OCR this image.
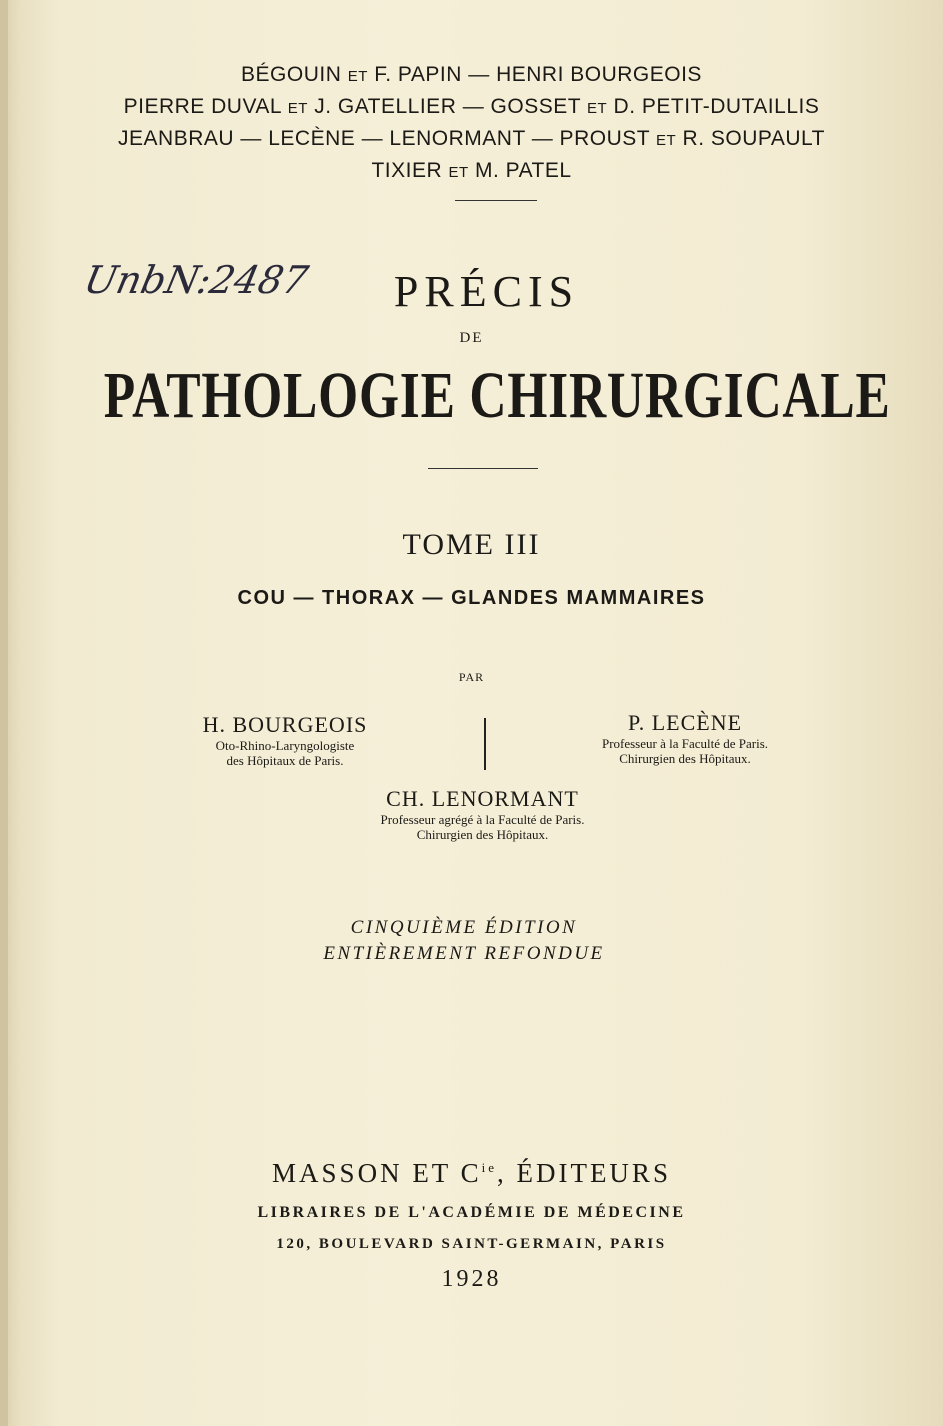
BÉGOUIN ET F. PAPIN — HENRI BOURGEOIS
PIERRE DUVAL ET J. GATELLIER — GOSSET ET D. PETIT-DUTAILLIS
JEANBRAU — LECÈNE — LENORMANT — PROUST ET R. SOUPAULT
TIXIER ET M. PATEL
UnbN:2487	PRÉCIS
DE
PATHOLOGIE CHIRURGICALE
TOME III
COU — THORAX — GLANDES MAMMAIRES
PAR
H. BOURGEOIS
Oto-Rhino-Laryngologiste
des Hôpitaux de Paris.
P. LECÈNE
Professeur à la Faculté de Paris.
Chirurgien des Hôpitaux.
CH. LENORMANT
Professeur agrégé à la Faculté de Paris.
Chirurgien des Hôpitaux.
CINQUIÈME ÉDITION
ENTIÈREMENT REFONDUE
MASSON ET $C^{ie}$, ÉDITEURS
LIBRAIRES DE L'ACADÉMIE DE MÉDECINE
120, BOULEVARD SAINT-GERMAIN, PARIS
1928
